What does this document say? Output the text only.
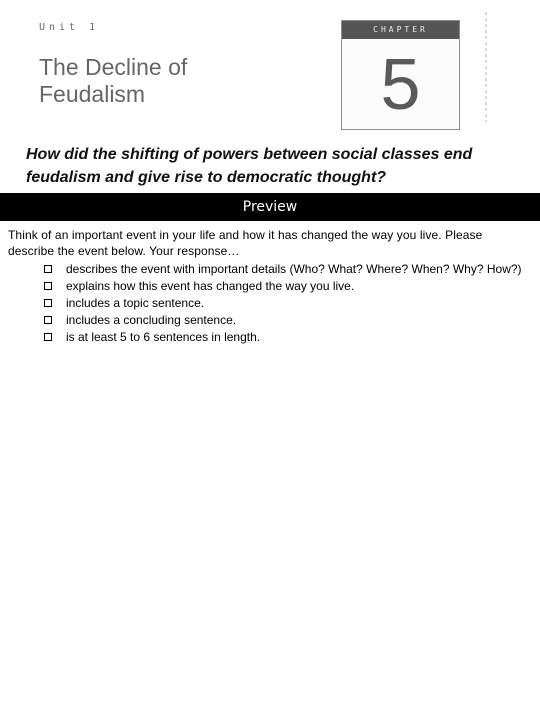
Unit 1
The Decline of
Feudalism
CHAPTER
5
How did the shifting of powers between social classes end feudalism and give rise to democratic thought?
Preview
Think of an important event in your life and how it has changed the way you live. Please describe the event below. Your response…
describes the event with important details (Who? What? Where? When? Why? How?)
explains how this event has changed the way you live.
includes a topic sentence.
includes a concluding sentence.
is at least 5 to 6 sentences in length.
